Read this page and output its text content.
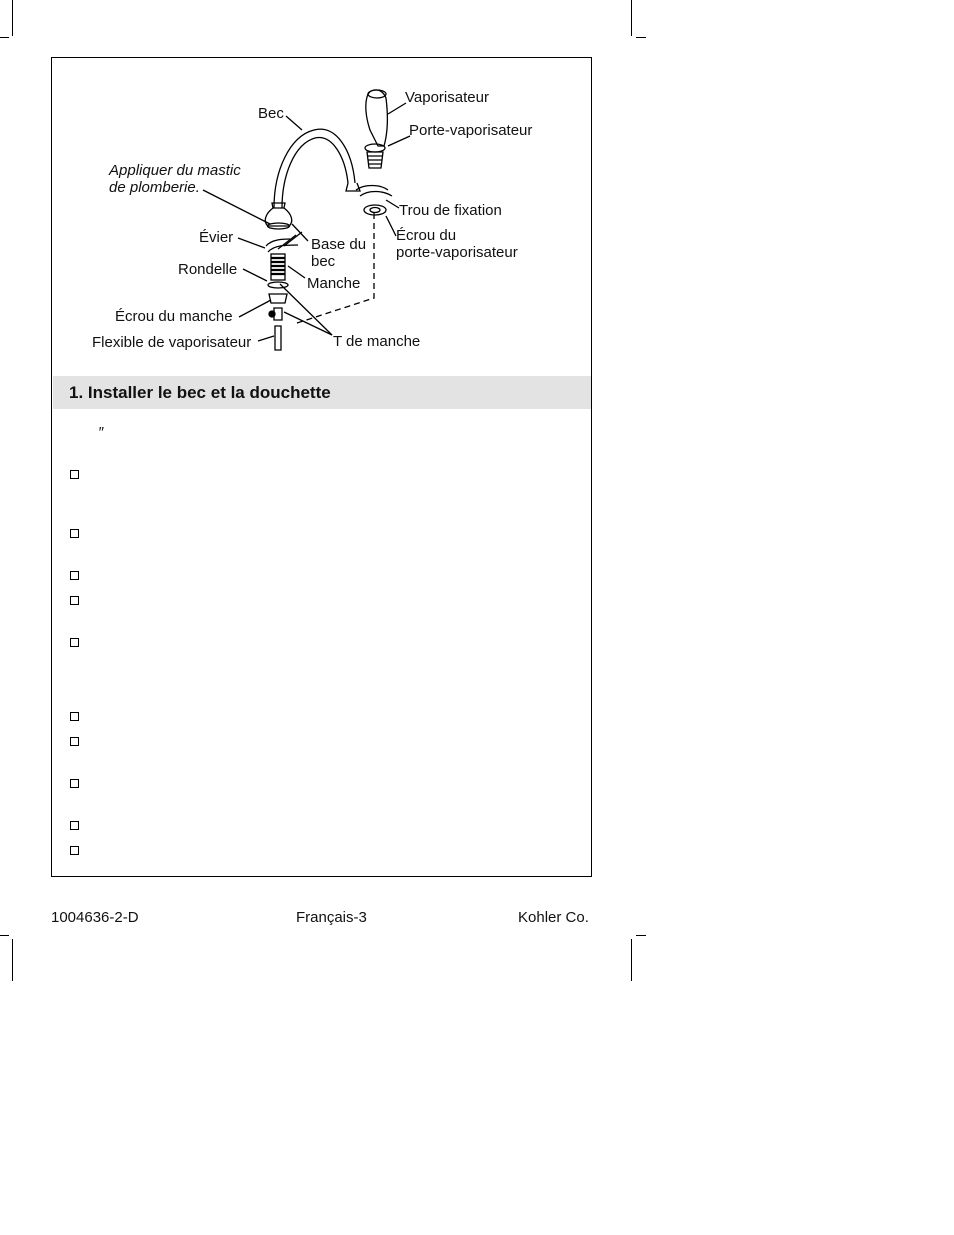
Bec
Vaporisateur
Porte-vaporisateur
Appliquer du mastic
de plomberie.
Trou de fixation
Évier	Base du
bec
Écrou du
porte-vaporisateur
Rondelle
Manche
Écrou du manche
Flexible de vaporisateur	T de manche
1. Installer le bec et la douchette
″
1004636-2-D	Français-3	Kohler Co.
